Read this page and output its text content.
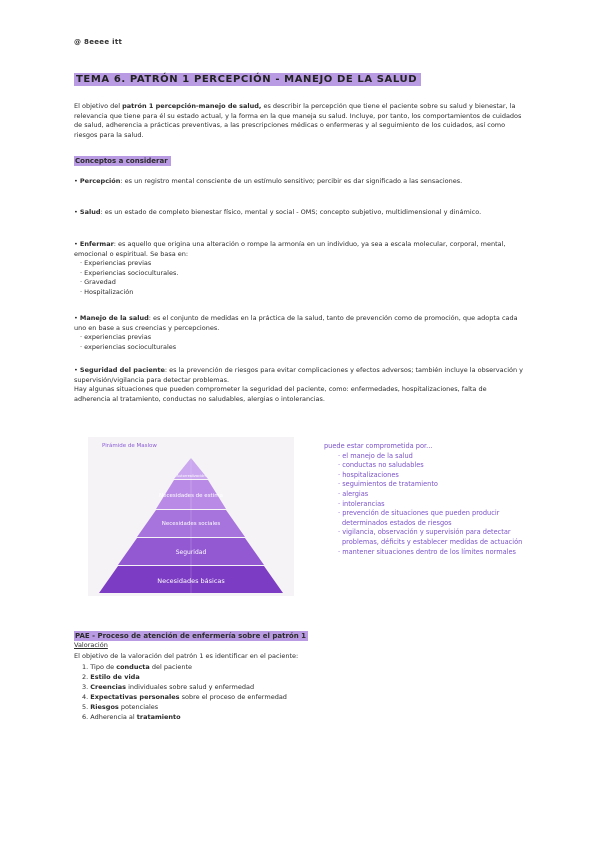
@ 8eeee itt
TEMA 6. PATRÓN 1 PERCEPCIÓN - MANEJO DE LA SALUD
El objetivo del patrón 1 percepción-manejo de salud, es describir la percepción que tiene el paciente sobre su salud y bienestar, la relevancia que tiene para él su estado actual, y la forma en la que maneja su salud. Incluye, por tanto, los comportamientos de cuidados de salud, adherencia a prácticas preventivas, a las prescripciones médicas o enfermeras y al seguimiento de los cuidados, así como riesgos para la salud.
Conceptos a considerar
• Percepción: es un registro mental consciente de un estímulo sensitivo; percibir es dar significado a las sensaciones.
• Salud: es un estado de completo bienestar físico, mental y social - OMS; concepto subjetivo, multidimensional y dinámico.
• Enfermar: es aquello que origina una alteración o rompe la armonía en un individuo, ya sea a escala molecular, corporal, mental, emocional o espiritual. Se basa en:
· Experiencias previas
· Experiencias socioculturales.
· Gravedad
· Hospitalización
• Manejo de la salud: es el conjunto de medidas en la práctica de la salud, tanto de prevención como de promoción, que adopta cada uno en base a sus creencias y percepciones.
· experiencias previas
· experiencias socioculturales
• Seguridad del paciente: es la prevención de riesgos para evitar complicaciones y efectos adversos; también incluye la observación y supervisión/vigilancia para detectar problemas.
Hay algunas situaciones que pueden comprometer la seguridad del paciente, como: enfermedades, hospitalizaciones, falta de adherencia al tratamiento, conductas no saludables, alergias o intolerancias.
Pirámide de Maslow
Autorrealización
Necesidades de estima
Necesidades sociales
Seguridad
Necesidades básicas
puede estar comprometida por...
· el manejo de la salud
· conductas no saludables
· hospitalizaciones
· seguimientos de tratamiento
· alergias
· intolerancias
· prevención de situaciones que pueden producir determinados estados de riesgos
· vigilancia, observación y supervisión para detectar problemas, déficits y establecer medidas de actuación
· mantener situaciones dentro de los límites normales
PAE - Proceso de atención de enfermería sobre el patrón 1
Valoración
El objetivo de la valoración del patrón 1 es identificar en el paciente:
1. Tipo de conducta del paciente
2. Estilo de vida
3. Creencias individuales sobre salud y enfermedad
4. Expectativas personales sobre el proceso de enfermedad
5. Riesgos potenciales
6. Adherencia al tratamiento
